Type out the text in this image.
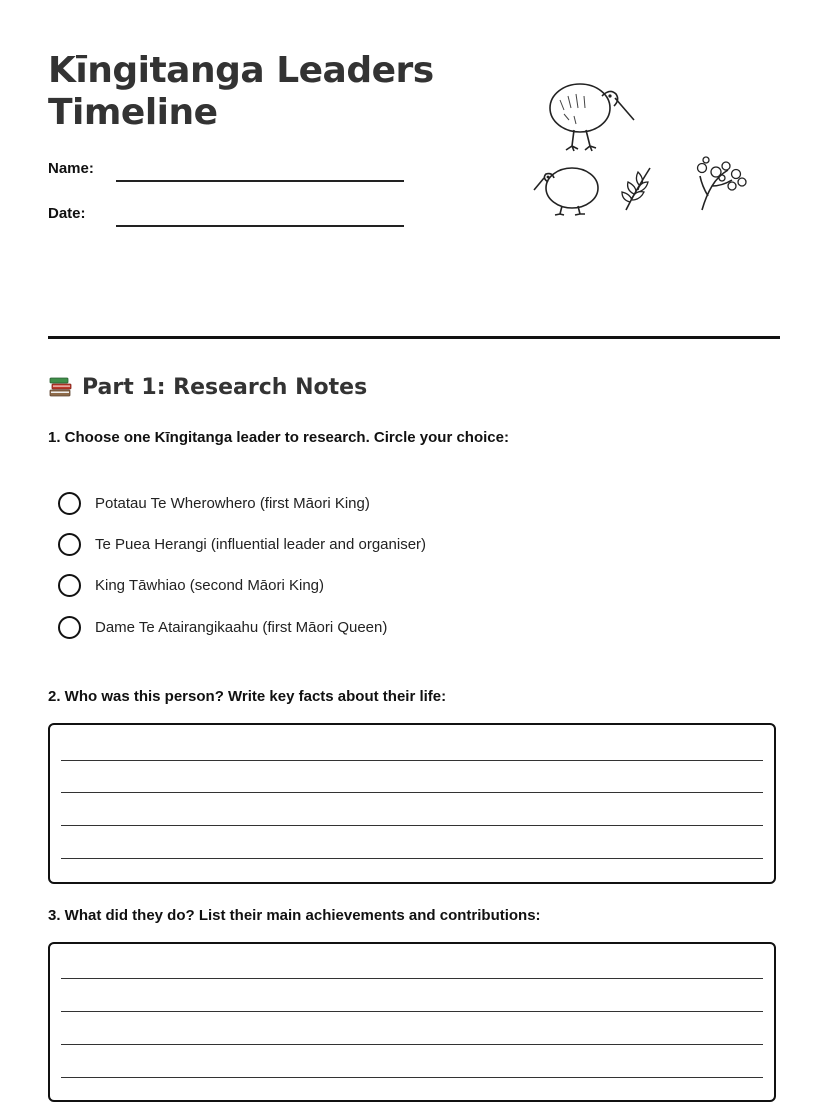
Kīngitanga Leaders
Timeline
Name:
Date:
Part 1: Research Notes
1. Choose one Kīngitanga leader to research. Circle your choice:
Potatau Te Wherowhero (first Māori King)
Te Puea Herangi (influential leader and organiser)
King Tāwhiao (second Māori King)
Dame Te Atairangikaahu (first Māori Queen)
2. Who was this person? Write key facts about their life:
3. What did they do? List their main achievements and contributions:
